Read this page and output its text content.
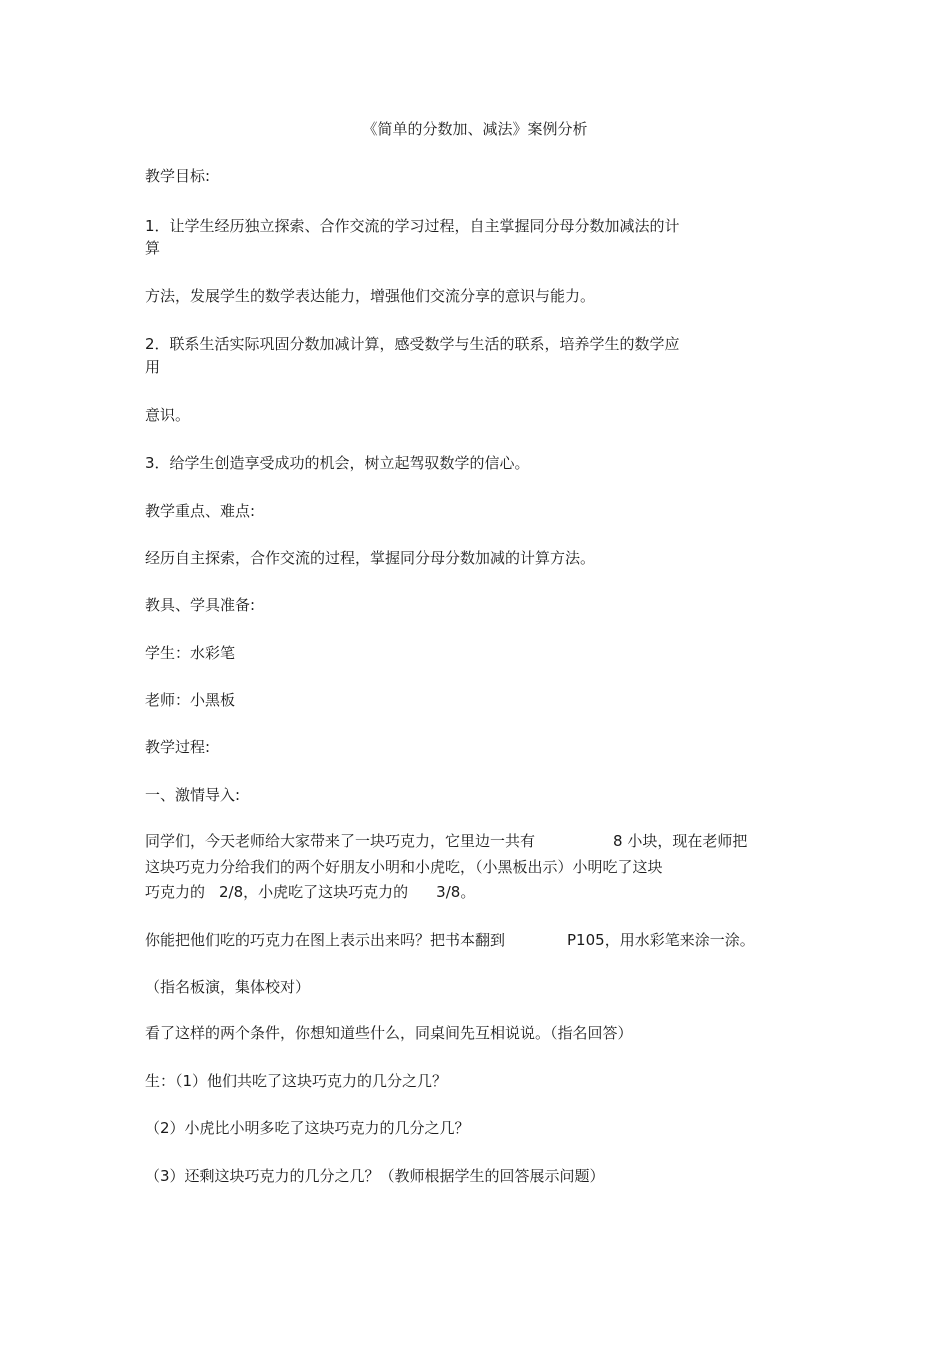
《简单的分数加、减法》案例分析
教学目标:
1．让学生经历独立探索、合作交流的学习过程，自主掌握同分母分数加减法的计
算
方法，发展学生的数学表达能力，增强他们交流分享的意识与能力。
2．联系生活实际巩固分数加减计算，感受数学与生活的联系，培养学生的数学应
用
意识。
3．给学生创造享受成功的机会，树立起驾驭数学的信心。
教学重点、难点:
经历自主探索，合作交流的过程，掌握同分母分数加减的计算方法。
教具、学具准备:
学生：水彩笔
老师：小黑板
教学过程:
一、激情导入:
同学们，今天老师给大家带来了一块巧克力，它里边一共有	8 小块，现在老师把
这块巧克力分给我们的两个好朋友小明和小虎吃，（小黑板出示）小明吃了这块
巧克力的 2/8，小虎吃了这块巧克力的 3/8。
你能把他们吃的巧克力在图上表示出来吗？把书本翻到	P105，用水彩笔来涂一涂。
（指名板演，集体校对）
看了这样的两个条件，你想知道些什么，同桌间先互相说说。（指名回答）
生：（1）他们共吃了这块巧克力的几分之几？
（2）小虎比小明多吃了这块巧克力的几分之几？
（3）还剩这块巧克力的几分之几？（教师根据学生的回答展示问题）
